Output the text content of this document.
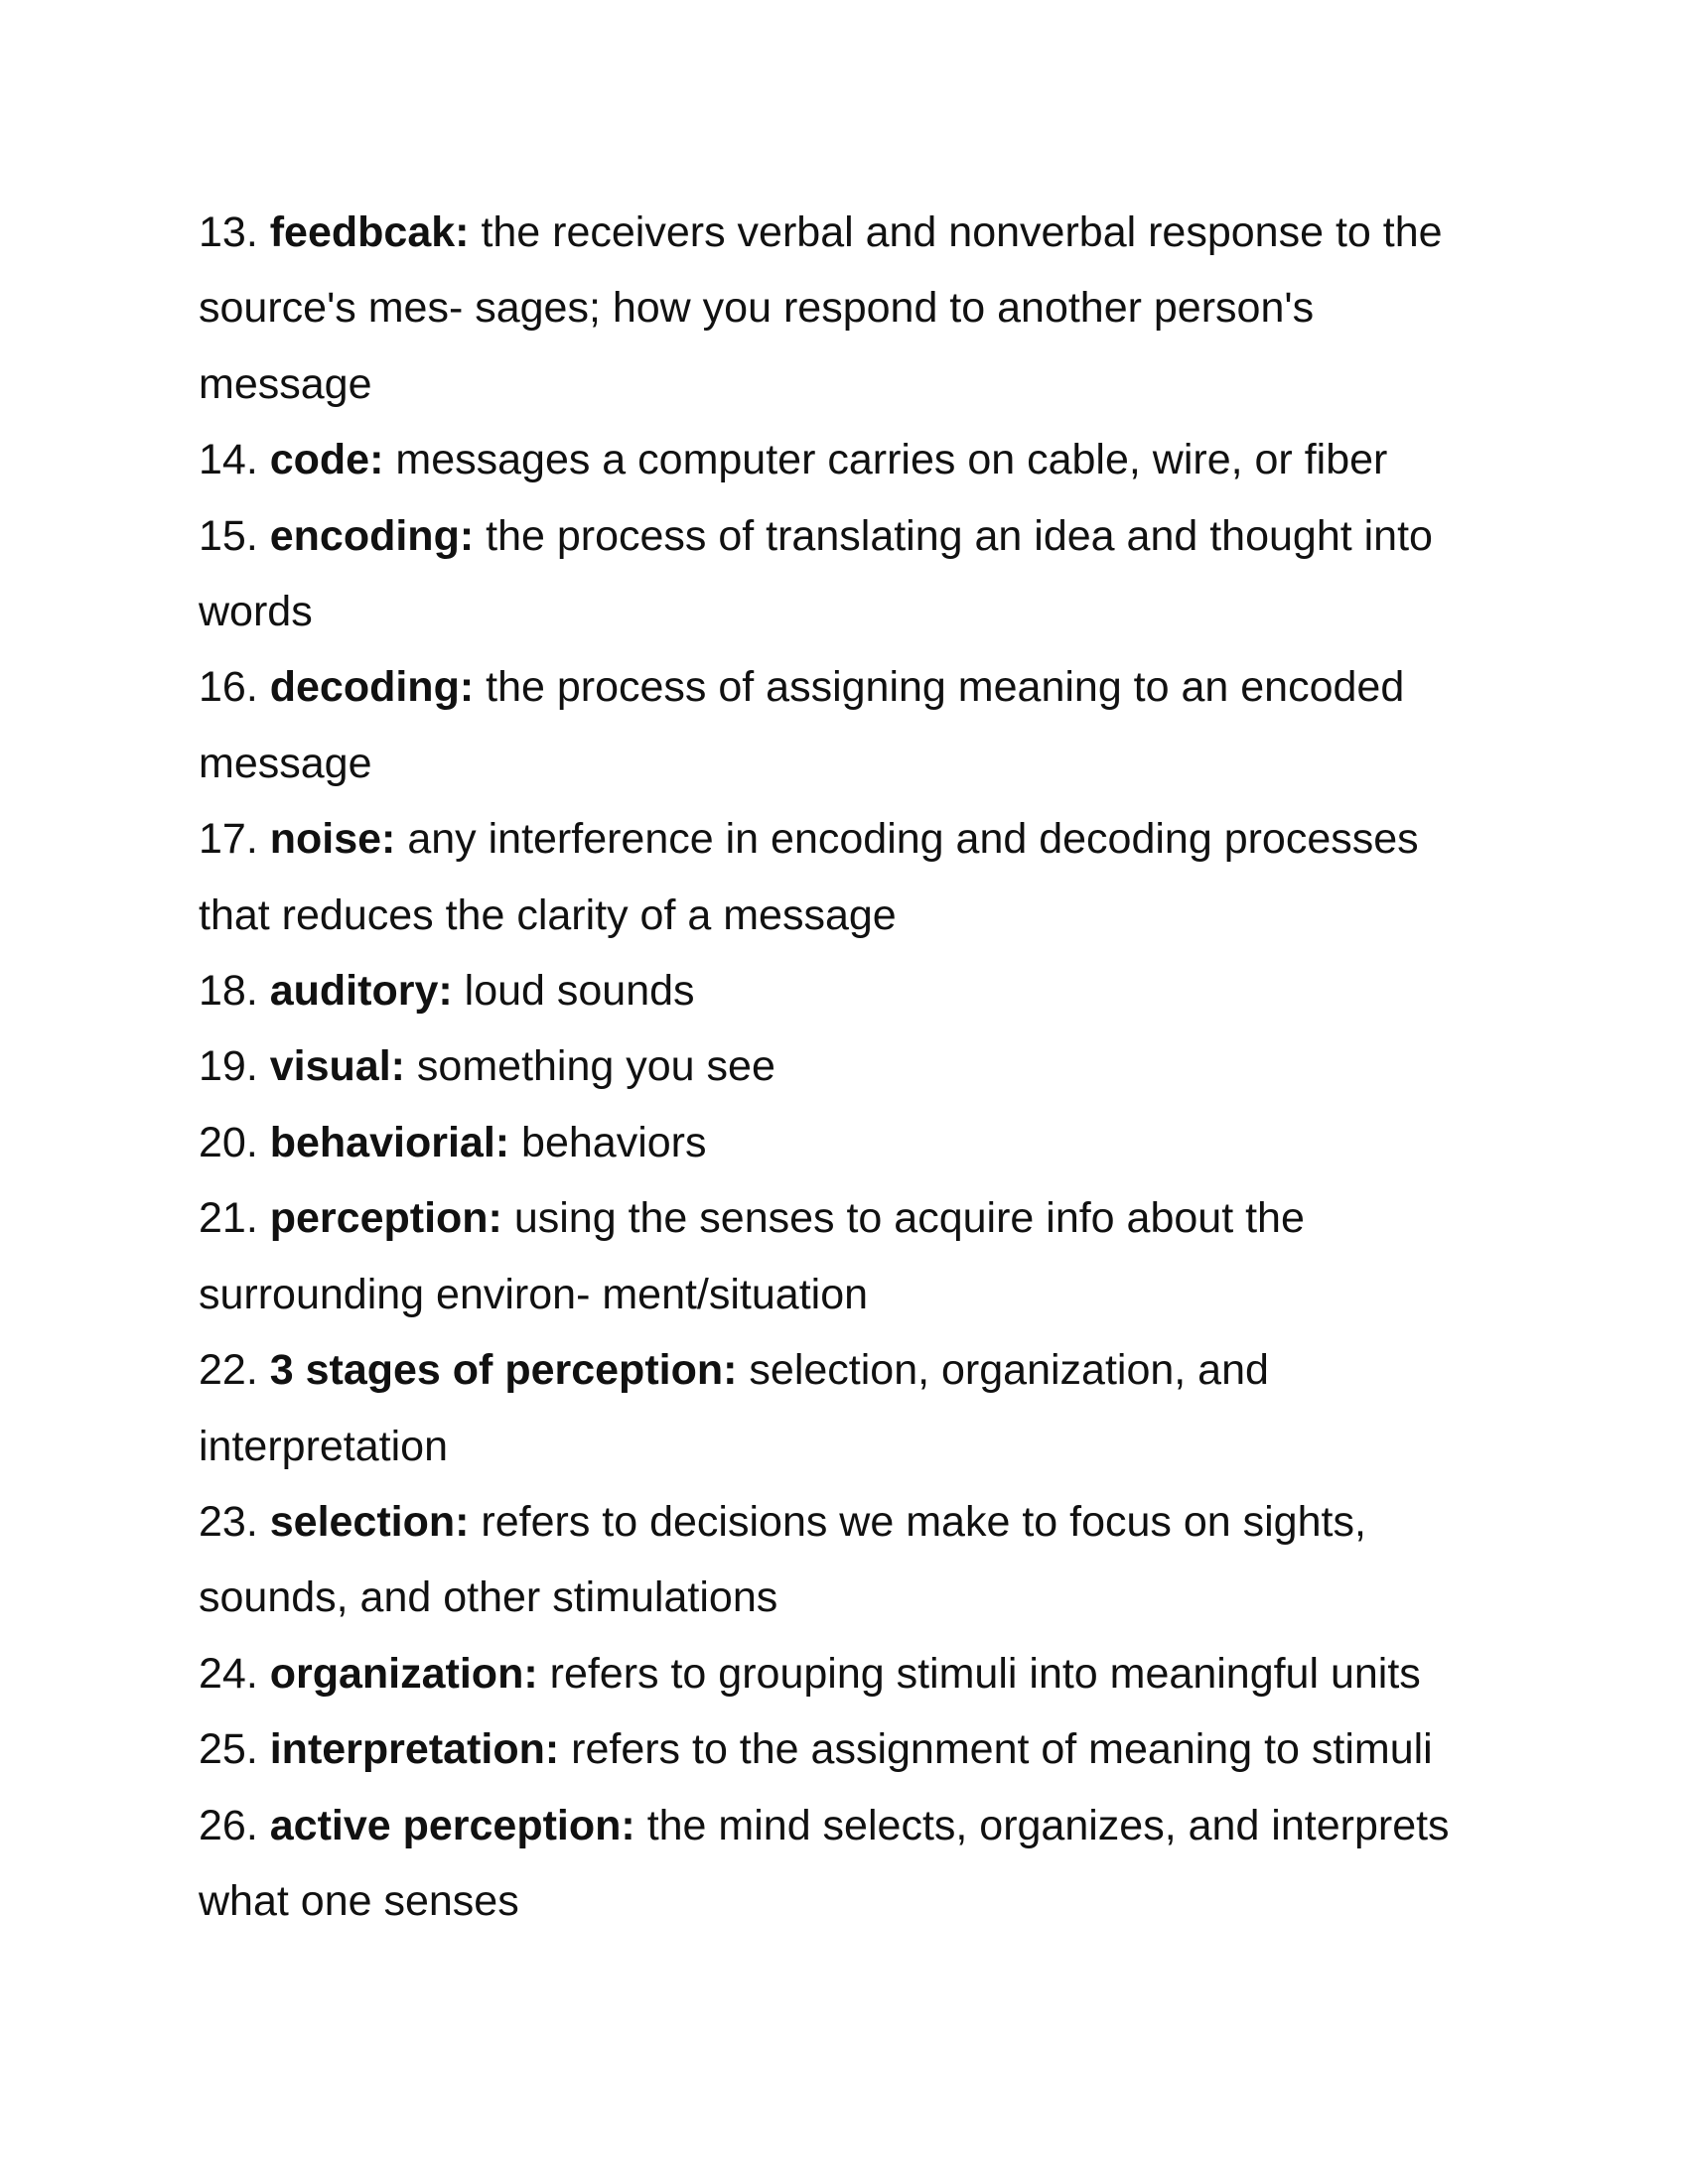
13. feedbcak: the receivers verbal and nonverbal response to the source's mes- sages; how you respond to another person's message

14. code: messages a computer carries on cable, wire, or fiber

15. encoding: the process of translating an idea and thought into words

16. decoding: the process of assigning meaning to an encoded message

17. noise: any interference in encoding and decoding processes that reduces the clarity of a message

18. auditory: loud sounds

19. visual: something you see

20. behaviorial: behaviors

21. perception: using the senses to acquire info about the surrounding environ- ment/situation

22. 3 stages of perception: selection, organization, and interpretation

23. selection: refers to decisions we make to focus on sights, sounds, and other stimulations

24. organization: refers to grouping stimuli into meaningful units

25. interpretation: refers to the assignment of meaning to stimuli

26. active perception: the mind selects, organizes, and interprets what one senses
